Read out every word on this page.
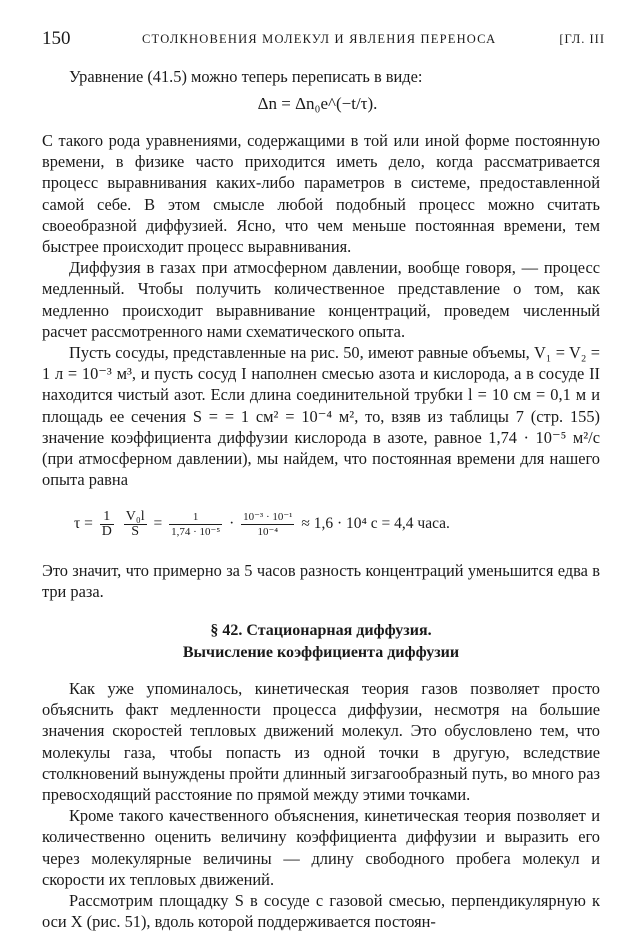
150	СТОЛКНОВЕНИЯ МОЛЕКУЛ И ЯВЛЕНИЯ ПЕРЕНОСА	[ГЛ. III

Уравнение (41.5) можно теперь переписать в виде:

Δn = Δn₀e^(−t/τ).

С такого рода уравнениями, содержащими в той или иной форме постоянную времени, в физике часто приходится иметь дело, когда рассматривается процесс выравнивания каких-либо параметров в системе, предоставленной самой себе. В этом смысле любой подобный процесс можно считать своеобразной диффузией. Ясно, что чем меньше постоянная времени, тем быстрее происходит процесс выравнивания.

Диффузия в газах при атмосферном давлении, вообще говоря, — процесс медленный. Чтобы получить количественное представление о том, как медленно происходит выравнивание концентраций, проведем численный расчет рассмотренного нами схематического опыта.

Пусть сосуды, представленные на рис. 50, имеют равные объемы, V₁ = V₂ = 1 л = 10⁻³ м³, и пусть сосуд I наполнен смесью азота и кислорода, а в сосуде II находится чистый азот. Если длина соединительной трубки l = 10 см = 0,1 м и площадь ее сечения S = = 1 см² = 10⁻⁴ м², то, взяв из таблицы 7 (стр. 155) значение коэффициента диффузии кислорода в азоте, равное 1,74 · 10⁻⁵ м²/с (при атмосферном давлении), мы найдем, что постоянная времени для нашего опыта равна

$\tau = \frac{1}{D}$
$\frac{\text{V₀l}}{S} = \frac{1}{\text{1,74 · 10⁻⁵}} \cdot \frac{\text{10⁻³ · 10⁻¹}}{\text{10⁻⁴}} \approx 1,6 \cdot 10^4$ с = 4,4 часа.

Это значит, что примерно за 5 часов разность концентраций уменьшится едва в три раза.

§ 42. Стационарная диффузия.
Вычисление коэффициента диффузии

Как уже упоминалось, кинетическая теория газов позволяет просто объяснить факт медленности процесса диффузии, несмотря на большие значения скоростей тепловых движений молекул. Это обусловлено тем, что молекулы газа, чтобы попасть из одной точки в другую, вследствие столкновений вынуждены пройти длинный зигзагообразный путь, во много раз превосходящий расстояние по прямой между этими точками.

Кроме такого качественного объяснения, кинетическая теория позволяет и количественно оценить величину коэффициента диффузии и выразить его через молекулярные величины — длину свободного пробега молекул и скорости их тепловых движений.

Рассмотрим площадку S в сосуде с газовой смесью, перпендикулярную к оси X (рис. 51), вдоль которой поддерживается постоян-
